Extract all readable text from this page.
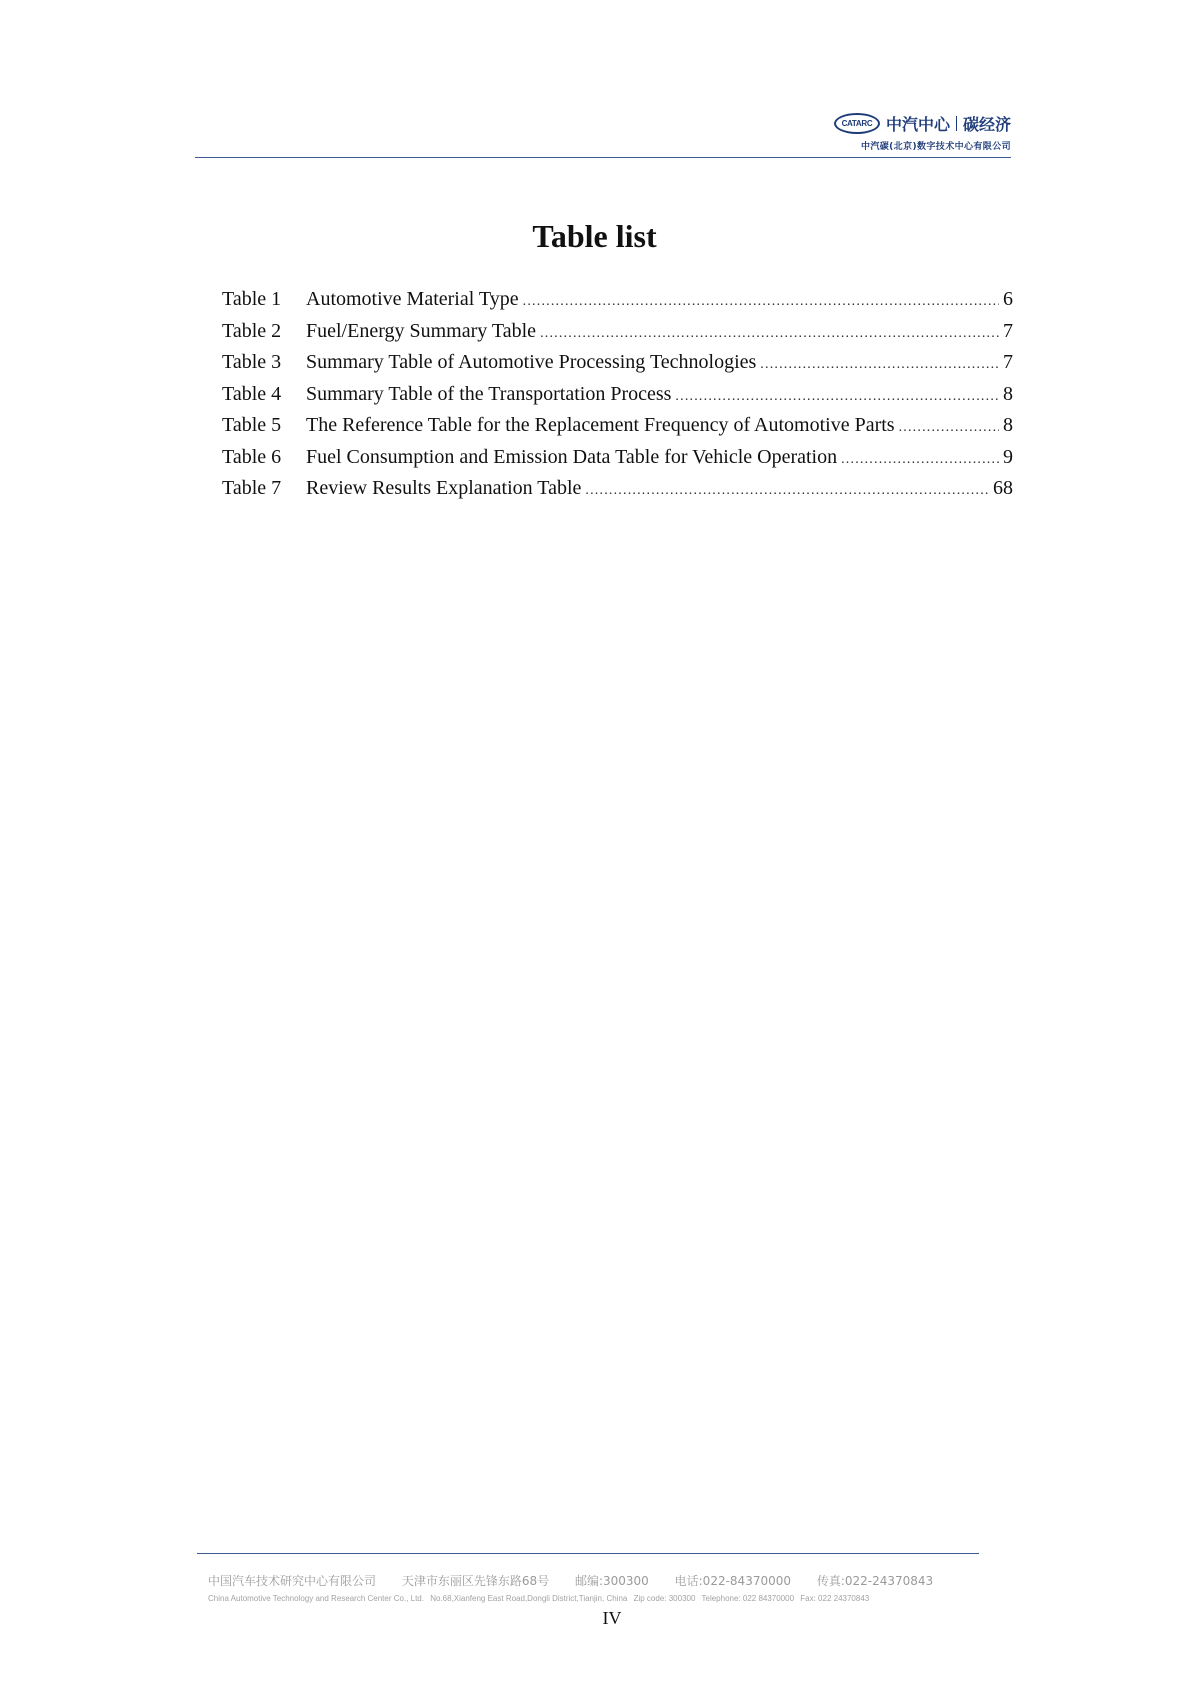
CATARC 中汽中心 碳经济
中汽碳(北京)数字技术中心有限公司
Table list
Table 1	Automotive Material Type .....	6
Table 2	Fuel/Energy Summary Table .....	7
Table 3	Summary Table of Automotive Processing Technologies .....	7
Table 4	Summary Table of the Transportation Process .....	8
Table 5	The Reference Table for the Replacement Frequency of Automotive Parts .....	8
Table 6	Fuel Consumption and Emission Data Table for Vehicle Operation .....	9
Table 7	Review Results Explanation Table .....	68
中国汽车技术研究中心有限公司 天津市东丽区先锋东路68号 邮编:300300 电话:022-84370000 传真:022-24370843
China Automotive Technology and Research Center Co., Ltd. No.68,Xianfeng East Road,Dongli District,Tianjin, China Zip code: 300300 Telephone: 022 84370000 Fax: 022 24370843
IV
